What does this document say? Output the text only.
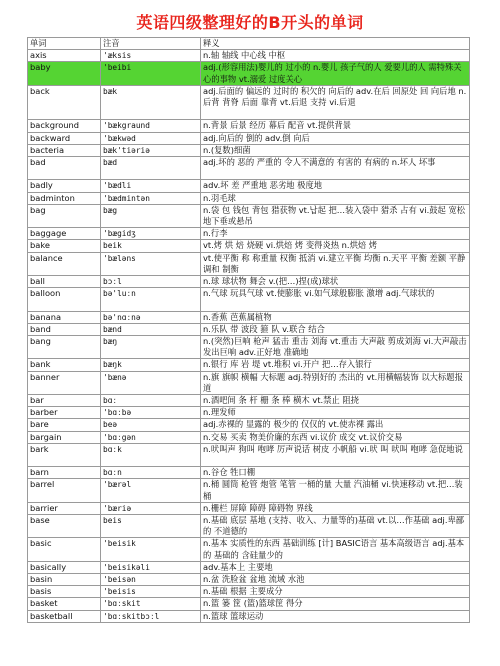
英语四级整理好的B开头的单词
单词	注音	释义
axis	'æksis	n.轴 轴线 中心线 中枢
baby	'beibi	adj.(形容用法)婴儿的 过小的 n.婴儿 孩子气的人 爱要儿的人 需特殊关心的事物 vt.溺爱 过度关心
back	bæk	adj.后面的 偏远的 过时的 积欠的 向后的 adv.在后 回原处 回 向后地 n.后背 背脊 后面 靠背 vt.后退 支持 vi.后退
background	'bækgraund	n.背景 后景 经历 幕后 配音 vt.提供背景
backward	'bækwəd	adj.向后的 倒的 adv.倒 向后
bacteria	bæk'tiəriə	n.(复数)细菌
bad	bæd	adj.坏的 恶的 严重的 令人不满意的 有害的 有病的 n.坏人 坏事
badly	'bædli	adv.坏 差 严重地 恶劣地 极度地
badminton	'bædmintən	n.羽毛球
bag	bæg	n.袋 包 钱包 背包 猎获物 vt.납起 把…装入袋中 猎杀 占有 vi.鼓起 宽松地下垂或悬吊
baggage	'bægidʒ	n.行李
bake	beik	vt.烤 烘 焙 烧硬 vi.烘焙 烤 变得炎热 n.烘焙 烤
balance	'bæləns	vt.使平衡 称 称重量 权衡 抵消 vi.建立平衡 均衡 n.天平 平衡 差额 平静 调和 制衡
ball	bɔːl	n.球 球状物 舞会 v.(把…)捏(成)球状
balloon	bə'luːn	n.气球 玩具气球 vt.使膨胀 vi.如气球般膨胀 激增 adj.气球状的
banana	bə'nɑːnə	n.香蕉 芭蕉属植物
band	bænd	n.乐队 带 波段 箍 队 v.联合 结合
bang	bæŋ	n.(突然)巨响 枪声 猛击 重击 刘海 vt.重击 大声敲 剪成刘海 vi.大声敲击 发出巨响 adv.正好地 准确地
bank	bæŋk	n.银行 库 岩 堤 vt.堆积 vi.开户 把…存入银行
banner	'bænə	n.旗 旗帜 横幅 大标题 adj.特别好的 杰出的 vt.用横幅装饰 以大标题报道
bar	bɑː	n.酒吧间 条 杆 栅 条 棒 横木 vt.禁止 阻挠
barber	'bɑːbə	n.理发师
bare	beə	adj.赤裸的 显露的 极少的 仅仅的 vt.使赤裸 露出
bargain	'bɑːgən	n.交易 买卖 物美价廉的东西 vi.议价 成交 vt.议价交易
bark	bɑːk	n.吠叫声 狗叫 咆哮 厉声说话 树皮 小帆船 vi.吠 叫 吠叫 咆哮 急促地说
barn	bɑːn	n.谷仓 牲口棚
barrel	'bærəl	n.桶 圆筒 枪管 炮管 笔管 一桶的量 大量 汽油桶 vi.快速移动 vt.把…装桶
barrier	'bæriə	n.栅栏 屏障 障碍 障碍物 界线
base	beis	n.基础 底层 基地 (支持、收入、力量等的)基础 vt.以…作基础 adj.卑鄙的 不道德的
basic	'beisik	n.基本 实质性的东西 基础训练 [计] BASIC语言 基本高级语言 adj.基本的 基础的 含硅量少的
basically	'beisikəli	adv.基本上 主要地
basin	'beisən	n.盆 洗脸盆 盆地 流域 水池
basis	'beisis	n.基础 根据 主要成分
basket	'bɑːskit	n.篮 篓 筐 (篮)篮球筐 得分
basketball	'bɑːskitbɔːl	n.篮球 篮球运动
